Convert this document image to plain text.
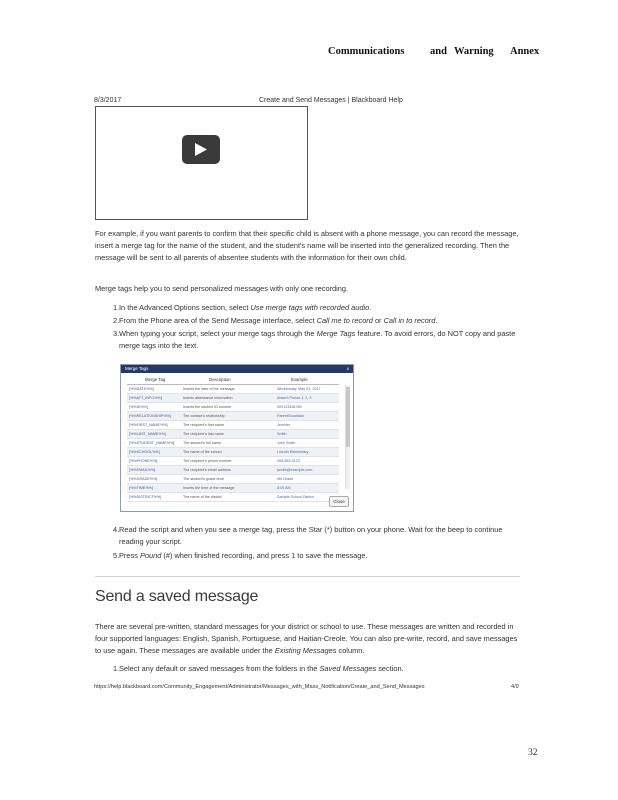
Communications and Warning Annex
8/3/2017	Create and Send Messages | Blackboard Help

For example, if you want parents to confirm that their specific child is absent with a phone message, you can record the message, insert a merge tag for the name of the student, and the student's name will be inserted into the generalized recording. Then the message will be sent to all parents of absentee students with the information for their own child.

Merge tags help you to send personalized messages with only one recording.

1. In the Advanced Options section, select Use merge tags with recorded audio.
2. From the Phone area of the Send Message interface, select Call me to record or Call in to record.
3. When typing your script, select your merge tags through the Merge Tags feature. To avoid errors, do NOT copy and paste merge tags into the text.
Merge Tags	x
Merge Tag	Description	Example
[%%DATE%%]	Inserts the date of the message	Wednesday, May 03, 2017
[%%ATT_INFO%%]	Inserts attendance information	Absent Period 1, 2, 3
[%%ID%%]	Inserts the student ID number	000123456789
[%%RELATIONSHIP%%]	The contact's relationship	Parent/Guardian
[%%FIRST_NAME%%]	The recipient's first name	Jennifer
[%%LAST_NAME%%]	The recipient's last name	Smith
[%%STUDENT_NAME%%]	The student's full name	John Smith
[%%SCHOOL%%]	The name of the school	Lincoln Elementary
[%%PHONE%%]	The recipient's phone number	555-555-0123
[%%EMAIL%%]	The recipient's email address	jsmith@example.com
[%%GRADE%%]	The student's grade level	5th Grade
[%%TIME%%]	Inserts the time of the message	8:00 AM
[%%DISTRICT%%]	The name of the district	Sample School District
Close
4. Read the script and when you see a merge tag, press the Star (*) button on your phone. Wait for the beep to continue reading your script.
5. Press Pound (#) when finished recording, and press 1 to save the message.
Send a saved message

There are several pre-written, standard messages for your district or school to use. These messages are written and recorded in four supported languages: English, Spanish, Portuguese, and Haitian-Creole. You can also pre-write, record, and save messages to use again. These messages are available under the Existing Messages column.

1. Select any default or saved messages from the folders in the Saved Messages section.
https://help.blackboard.com/Community_Engagement/Administrator/Messages_with_Mass_Notification/Create_and_Send_Messages	4/9
32
